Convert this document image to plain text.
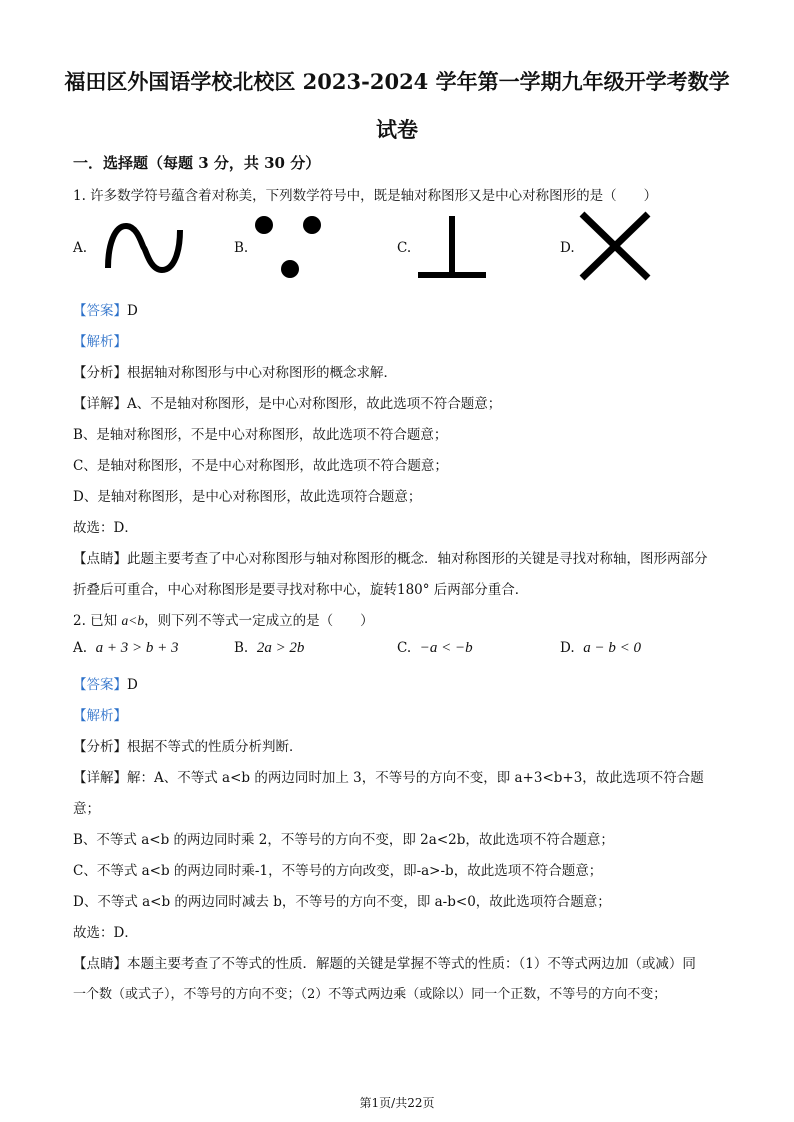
福田区外国语学校北校区 2023-2024 学年第一学期九年级开学考数学
试卷
一．选择题（每题 3 分，共 30 分）
1. 许多数学符号蕴含着对称美，下列数学符号中，既是轴对称图形又是中心对称图形的是（　　）
A.	B.	C.	D.
【答案】D
【解析】
【分析】根据轴对称图形与中心对称图形的概念求解．
【详解】A、不是轴对称图形，是中心对称图形，故此选项不符合题意；
B、是轴对称图形，不是中心对称图形，故此选项不符合题意；
C、是轴对称图形，不是中心对称图形，故此选项不符合题意；
D、是轴对称图形，是中心对称图形，故此选项符合题意；
故选：D．
【点睛】此题主要考查了中心对称图形与轴对称图形的概念．轴对称图形的关键是寻找对称轴，图形两部分
折叠后可重合，中心对称图形是要寻找对称中心，旋转180° 后两部分重合．
2. 已知 a<b，则下列不等式一定成立的是（　　）
A. a + 3 > b + 3	B. 2a > 2b	C. −a < −b	D. a − b < 0
【答案】D
【解析】
【分析】根据不等式的性质分析判断．
【详解】解：A、不等式 a<b 的两边同时加上 3，不等号的方向不变，即 a+3<b+3，故此选项不符合题
意；
B、不等式 a<b 的两边同时乘 2，不等号的方向不变，即 2a<2b，故此选项不符合题意；
C、不等式 a<b 的两边同时乘-1，不等号的方向改变，即-a>-b，故此选项不符合题意；
D、不等式 a<b 的两边同时减去 b，不等号的方向不变，即 a-b<0，故此选项符合题意；
故选：D．
【点睛】本题主要考查了不等式的性质．解题的关键是掌握不等式的性质：（1）不等式两边加（或减）同
一个数（或式子），不等号的方向不变；（2）不等式两边乘（或除以）同一个正数，不等号的方向不变；
第1页/共22页
